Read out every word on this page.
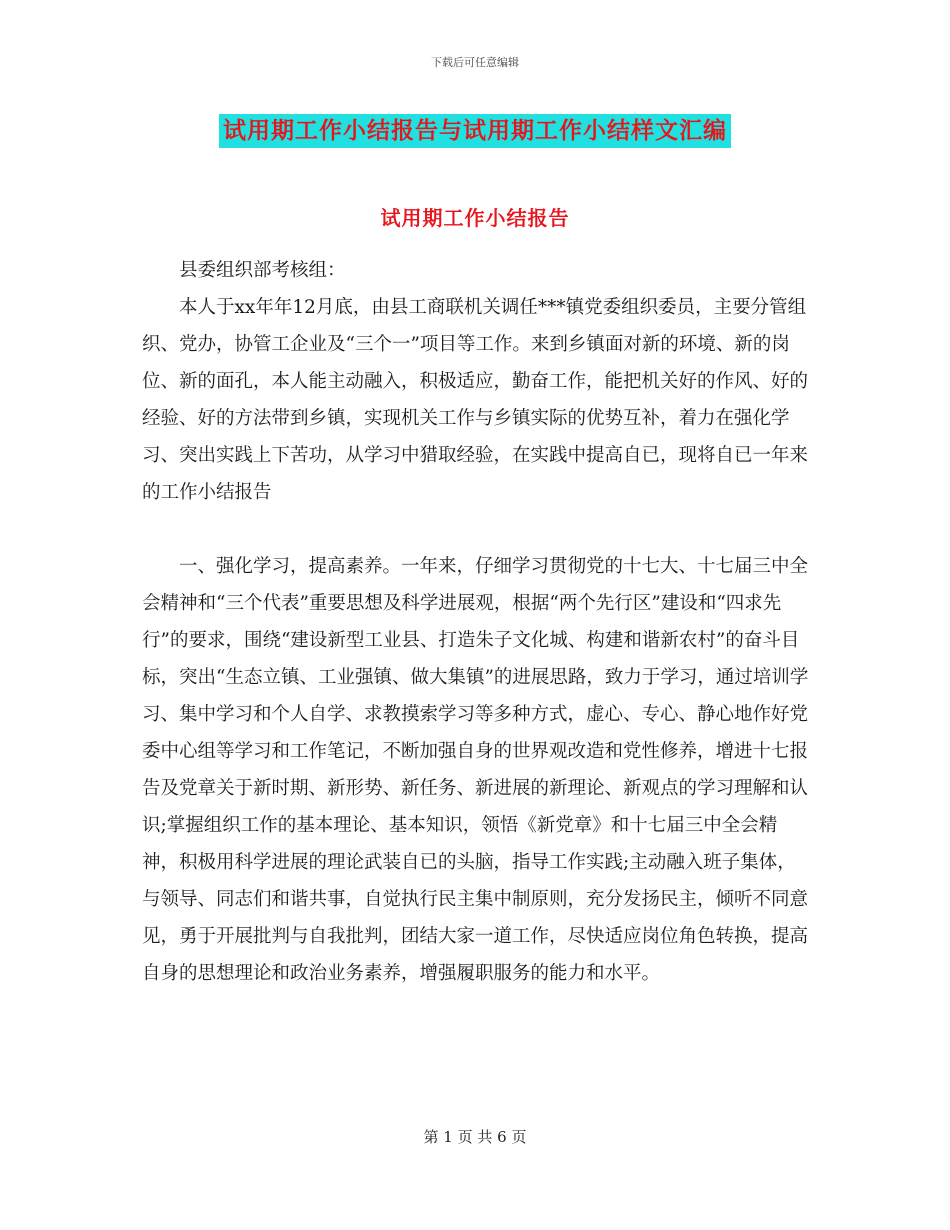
下载后可任意编辑
试用期工作小结报告与试用期工作小结样文汇编
试用期工作小结报告

县委组织部考核组：

本人于xx年年12月底，由县工商联机关调任***镇党委组织委员，主要分管组织、党办，协管工企业及“三个一”项目等工作。来到乡镇面对新的环境、新的岗位、新的面孔，本人能主动融入，积极适应，勤奋工作，能把机关好的作风、好的经验、好的方法带到乡镇，实现机关工作与乡镇实际的优势互补，着力在强化学习、突出实践上下苦功，从学习中猎取经验，在实践中提高自已，现将自已一年来的工作小结报告

一、强化学习，提高素养。一年来，仔细学习贯彻党的十七大、十七届三中全会精神和“三个代表”重要思想及科学进展观，根据“两个先行区”建设和“四求先行”的要求，围绕“建设新型工业县、打造朱子文化城、构建和谐新农村”的奋斗目标，突出“生态立镇、工业强镇、做大集镇”的进展思路，致力于学习，通过培训学习、集中学习和个人自学、求教摸索学习等多种方式，虚心、专心、静心地作好党委中心组等学习和工作笔记，不断加强自身的世界观改造和党性修养，增进十七报告及党章关于新时期、新形势、新任务、新进展的新理论、新观点的学习理解和认识;掌握组织工作的基本理论、基本知识，领悟《新党章》和十七届三中全会精神，积极用科学进展的理论武装自已的头脑，指导工作实践;主动融入班子集体，与领导、同志们和谐共事，自觉执行民主集中制原则，充分发扬民主，倾听不同意见，勇于开展批判与自我批判，团结大家一道工作，尽快适应岗位角色转换，提高自身的思想理论和政治业务素养，增强履职服务的能力和水平。

第 1 页 共 6 页
